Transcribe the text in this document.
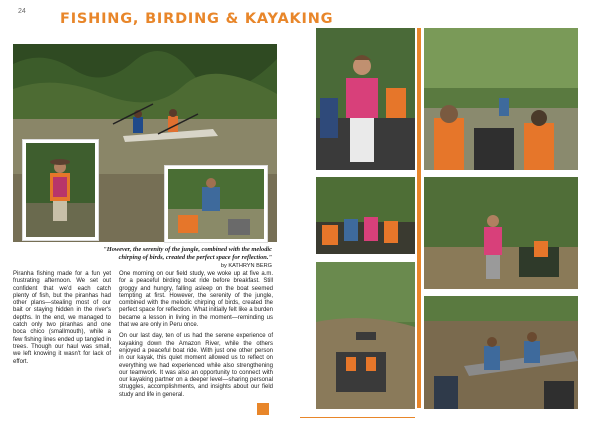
24 FISHING, BIRDING & KAYAKING
"However, the serenity of the jungle, combined with the melodic chirping of birds, created the perfect space for reflection."
by KATHRYN BERG
Piranha fishing made for a fun yet frustrating afternoon. We set out confident that we'd each catch plenty of fish, but the piranhas had other plans—stealing most of our bait or staying hidden in the river's depths. In the end, we managed to catch only two piranhas and one boca chico (smallmouth), while a few fishing lines ended up tangled in trees. Though our haul was small, we left knowing it wasn't for lack of effort.

One morning on our field study, we woke up at five a.m. for a peaceful birding boat ride before breakfast. Still groggy and hungry, falling asleep on the boat seemed tempting at first. However, the serenity of the jungle, combined with the melodic chirping of birds, created the perfect space for reflection. What initially felt like a burden became a lesson in living in the moment—reminding us that we are only in Peru once.

On our last day, ten of us had the serene experience of kayaking down the Amazon River, while the others enjoyed a peaceful boat ride. With just one other person in our kayak, this quiet moment allowed us to reflect on everything we had experienced while also strengthening our teamwork. It was also an opportunity to connect with our kayaking partner on a deeper level—sharing personal struggles, accomplishments, and insights about our field study and life in general.
